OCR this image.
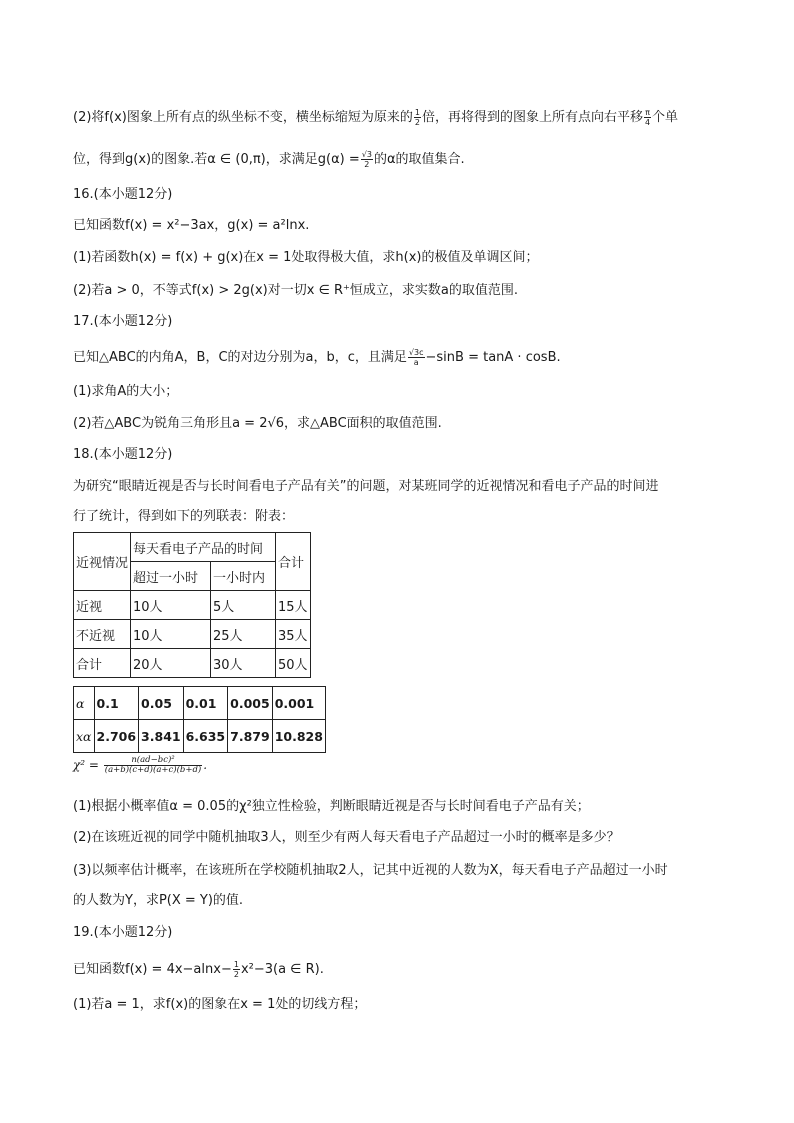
(2)将f(x)图象上所有点的纵坐标不变，横坐标缩短为原来的 $\frac{1}{2}$ 倍，再将得到的图象上所有点向右平移 $\frac{\pi}{4}$ 个单
位，得到g(x)的图象.若α ∈ (0,π)，求满足$g(\alpha) = \frac{√3}{2}$ 的α的取值集合.
16.(本小题12分)
已知函数f(x) = x²−3ax，g(x) = a²lnx.
(1)若函数h(x) = f(x) + g(x)在x = 1处取得极大值，求h(x)的极值及单调区间；
(2)若a > 0，不等式f(x) > 2g(x)对一切x ∈ R⁺恒成立，求实数a的取值范围.
17.(本小题12分)
已知△ABC的内角A，B，C的对边分别为a，b，c，且满足 $\frac{√3c}{a} -\sin B = \tan A \cdot \cos B$.
(1)求角A的大小；
(2)若△ABC为锐角三角形且a = 2√6，求△ABC面积的取值范围.
18.(本小题12分)
为研究“眼睛近视是否与长时间看电子产品有关”的问题，对某班同学的近视情况和看电子产品的时间进
行了统计，得到如下的列联表：附表：
近视情况	每天看电子产品的时间		合计
	超过一小时	一小时内	
近视	10人	5人	15人
不近视	10人	25人	35人
合计	20人	30人	50人
α	0.1	0.05	0.01	0.005	0.001
xα	2.706	3.841	6.635	7.879	10.828
$\chi^2 = \frac{\text{n(ad−bc)²}}{(a+b)(c+d)(a+c)(b+d)}$ .
(1)根据小概率值α = 0.05的χ²独立性检验，判断眼睛近视是否与长时间看电子产品有关；
(2)在该班近视的同学中随机抽取3人，则至少有两人每天看电子产品超过一小时的概率是多少？
(3)以频率估计概率，在该班所在学校随机抽取2人，记其中近视的人数为X，每天看电子产品超过一小时
的人数为Y，求P(X = Y)的值.
19.(本小题12分)
已知函数$f(x) = 4x-alnx- \frac{1}{2} x^2-3(a$ ∈ R).
(1)若a = 1，求f(x)的图象在x = 1处的切线方程；
